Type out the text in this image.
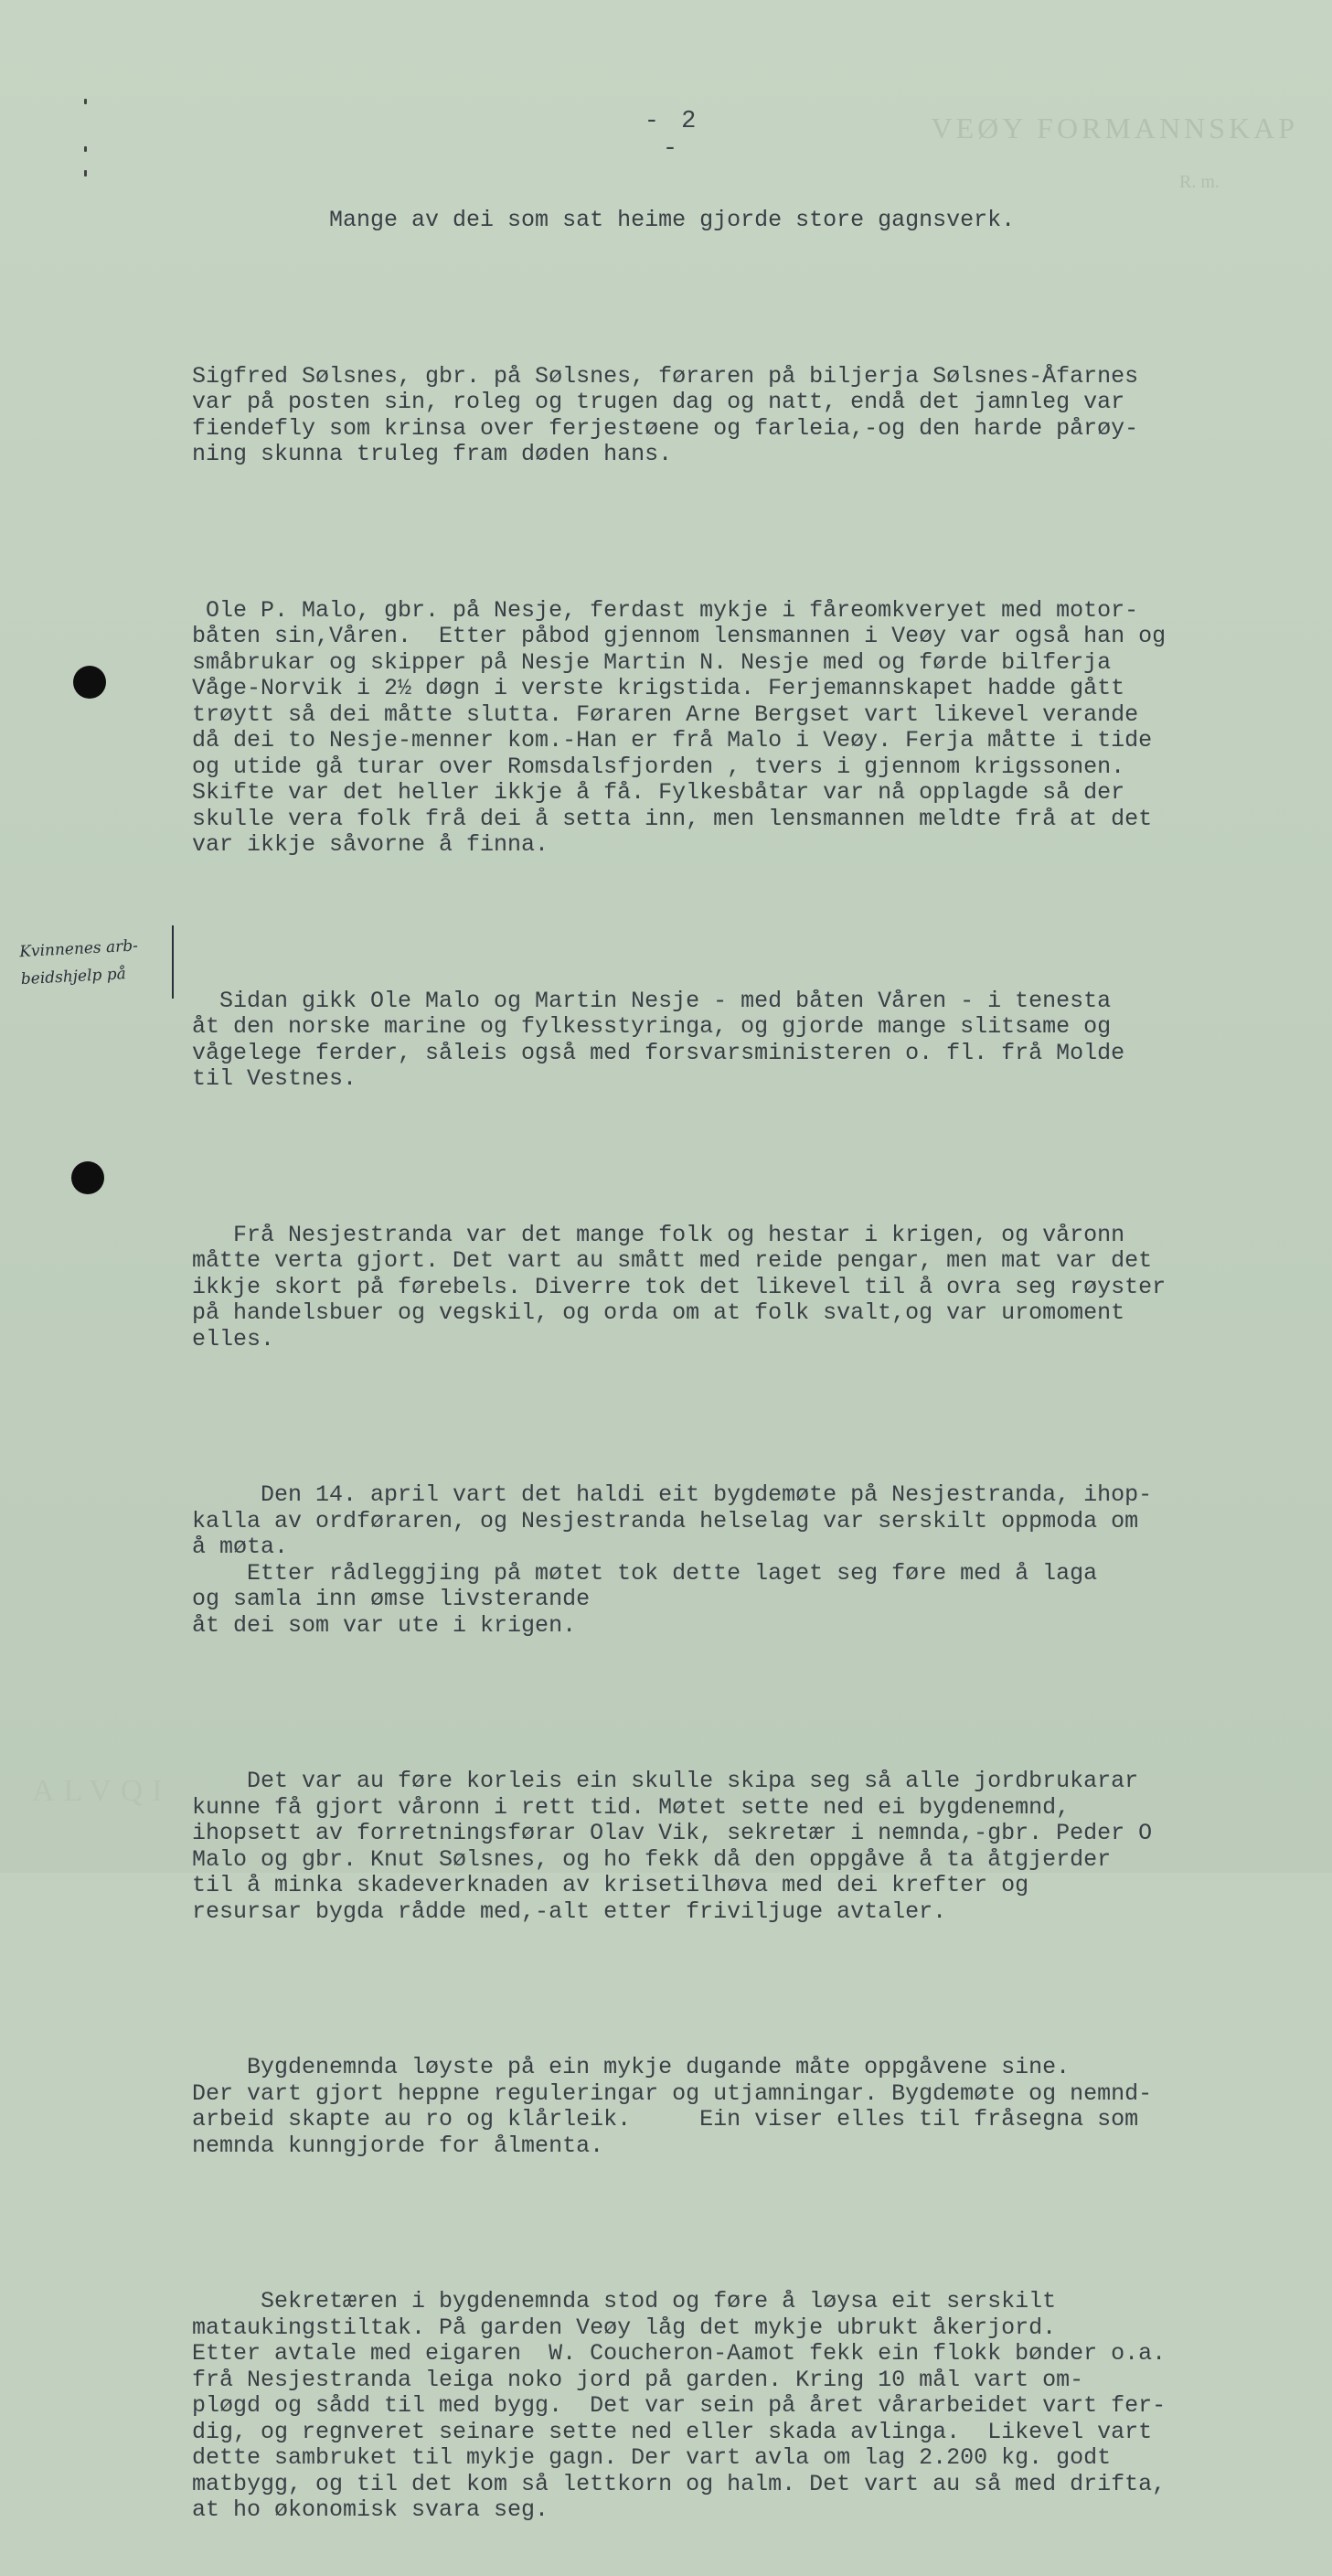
VEØY FORMANNSKAP
R. m.
ALVQI
- 2 -
Kvinnenes arb-
beidshjelp på

Mange av dei som sat heime gjorde store gagnsverk.

Sigfred Sølsnes, gbr. på Sølsnes, føraren på biljerja Sølsnes-Åfarnes
var på posten sin, roleg og trugen dag og natt, endå det jamnleg var
fiendefly som krinsa over ferjestøene og farleia,-og den harde pårøy-
ning skunna truleg fram døden hans.

Ole P. Malo, gbr. på Nesje, ferdast mykje i fåreomkveryet med motor-
båten sin,Våren.  Etter påbod gjennom lensmannen i Veøy var også han og
småbrukar og skipper på Nesje Martin N. Nesje med og førde bilferja
Våge-Norvik i 2½ døgn i verste krigstida. Ferjemannskapet hadde gått
trøytt så dei måtte slutta. Føraren Arne Bergset vart likevel verande
då dei to Nesje-menner kom.-Han er frå Malo i Veøy. Ferja måtte i tide
og utide gå turar over Romsdalsfjorden , tvers i gjennom krigssonen.
Skifte var det heller ikkje å få. Fylkesbåtar var nå opplagde så der
skulle vera folk frå dei å setta inn, men lensmannen meldte frå at det
var ikkje såvorne å finna.

Sidan gikk Ole Malo og Martin Nesje - med båten Våren - i tenesta
åt den norske marine og fylkesstyringa, og gjorde mange slitsame og
vågelege ferder, såleis også med forsvarsministeren o. fl. frå Molde
til Vestnes.

Frå Nesjestranda var det mange folk og hestar i krigen, og våronn
måtte verta gjort. Det vart au smått med reide pengar, men mat var det
ikkje skort på førebels. Diverre tok det likevel til å ovra seg røyster
på handelsbuer og vegskil, og orda om at folk svalt,og var uromoment
elles.

Den 14. april vart det haldi eit bygdemøte på Nesjestranda, ihop-
kalla av ordføraren, og Nesjestranda helselag var serskilt oppmoda om
å møta.
Etter rådleggjing på møtet tok dette laget seg føre med å laga
og samla inn ømse livsterande
åt dei som var ute i krigen.

Det var au føre korleis ein skulle skipa seg så alle jordbrukarar
kunne få gjort våronn i rett tid. Møtet sette ned ei bygdenemnd,
ihopsett av forretningsførar Olav Vik, sekretær i nemnda,-gbr. Peder O
Malo og gbr. Knut Sølsnes, og ho fekk då den oppgåve å ta åtgjerder
til å minka skadeverknaden av krisetilhøva med dei krefter og
resursar bygda rådde med,-alt etter friviljuge avtaler.

Bygdenemnda løyste på ein mykje dugande måte oppgåvene sine.
Der vart gjort heppne reguleringar og utjamningar. Bygdemøte og nemnd-
arbeid skapte au ro og klårleik.     Ein viser elles til fråsegna som
nemnda kunngjorde for ålmenta.

Sekretæren i bygdenemnda stod og føre å løysa eit serskilt
mataukingstiltak. På garden Veøy låg det mykje ubrukt åkerjord.
Etter avtale med eigaren  W. Coucheron-Aamot fekk ein flokk bønder o.a.
frå Nesjestranda leiga noko jord på garden. Kring 10 mål vart om-
pløgd og sådd til med bygg.  Det var sein på året vårarbeidet vart fer-
dig, og regnveret seinare sette ned eller skada avlinga.  Likevel vart
dette sambruket til mykje gagn. Der vart avla om lag 2.200 kg. godt
matbygg, og til det kom så lettkorn og halm. Det vart au så med drifta,
at ho økonomisk svara seg.
